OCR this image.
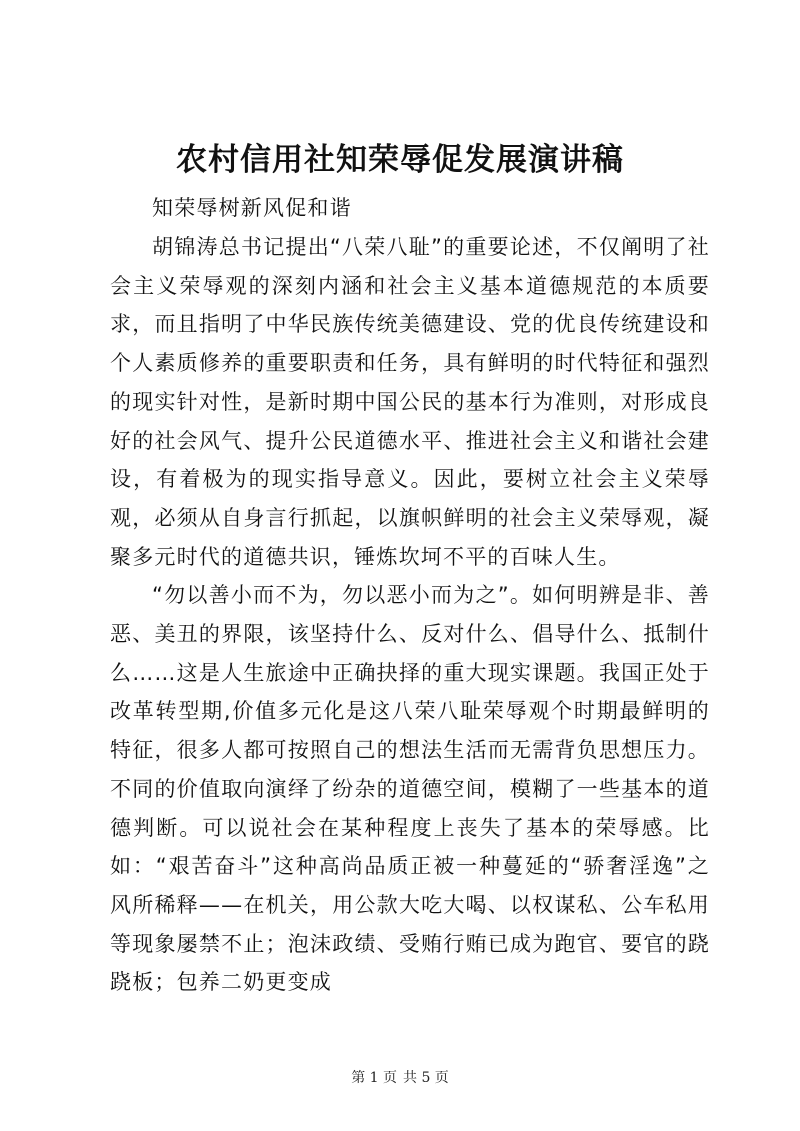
农村信用社知荣辱促发展演讲稿

知荣辱树新风促和谐

胡锦涛总书记提出“八荣八耻”的重要论述，不仅阐明了社会主义荣辱观的深刻内涵和社会主义基本道德规范的本质要求，而且指明了中华民族传统美德建设、党的优良传统建设和个人素质修养的重要职责和任务，具有鲜明的时代特征和强烈的现实针对性，是新时期中国公民的基本行为准则，对形成良好的社会风气、提升公民道德水平、推进社会主义和谐社会建设，有着极为的现实指导意义。因此，要树立社会主义荣辱观，必须从自身言行抓起，以旗帜鲜明的社会主义荣辱观，凝聚多元时代的道德共识，锤炼坎坷不平的百味人生。

“勿以善小而不为，勿以恶小而为之”。如何明辨是非、善恶、美丑的界限，该坚持什么、反对什么、倡导什么、抵制什么……这是人生旅途中正确抉择的重大现实课题。我国正处于改革转型期,价值多元化是这八荣八耻荣辱观个时期最鲜明的特征，很多人都可按照自己的想法生活而无需背负思想压力。不同的价值取向演绎了纷杂的道德空间，模糊了一些基本的道德判断。可以说社会在某种程度上丧失了基本的荣辱感。比如：“艰苦奋斗”这种高尚品质正被一种蔓延的“骄奢淫逸”之风所稀释——在机关，用公款大吃大喝、以权谋私、公车私用等现象屡禁不止；泡沫政绩、受贿行贿已成为跑官、要官的跷跷板；包养二奶更变成

第 1 页 共 5 页
